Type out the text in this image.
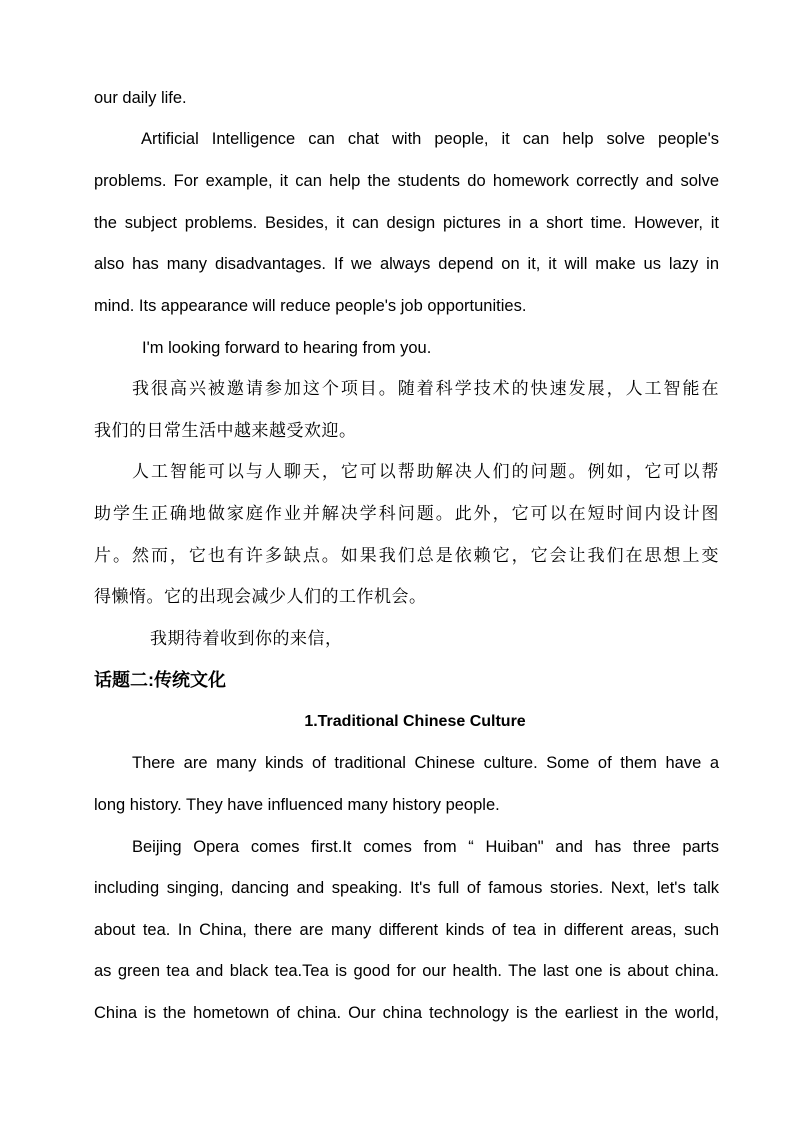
our daily life.
Artificial Intelligence can chat with people, it can help solve people's
problems. For example, it can help the students do homework correctly and solve
the subject problems. Besides, it can design pictures in a short time. However, it
also has many disadvantages. If we always depend on it, it will make us lazy in
mind. Its appearance will reduce people's job opportunities.
I'm looking forward to hearing from you.
我很高兴被邀请参加这个项目。随着科学技术的快速发展，人工智能在
我们的日常生活中越来越受欢迎。
人工智能可以与人聊天，它可以帮助解决人们的问题。例如，它可以帮
助学生正确地做家庭作业并解决学科问题。此外，它可以在短时间内设计图
片。然而，它也有许多缺点。如果我们总是依赖它，它会让我们在思想上变
得懒惰。它的出现会减少人们的工作机会。
我期待着收到你的来信，
话题二:传统文化
1.Traditional Chinese Culture
There are many kinds of traditional Chinese culture. Some of them have a
long history. They have influenced many history people.
Beijing Opera comes first.It comes from “ Huiban" and has three parts
including singing, dancing and speaking. It's full of famous stories. Next, let's talk
about tea. In China, there are many different kinds of tea in different areas, such
as green tea and black tea.Tea is good for our health. The last one is about china.
China is the hometown of china. Our china technology is the earliest in the world,
